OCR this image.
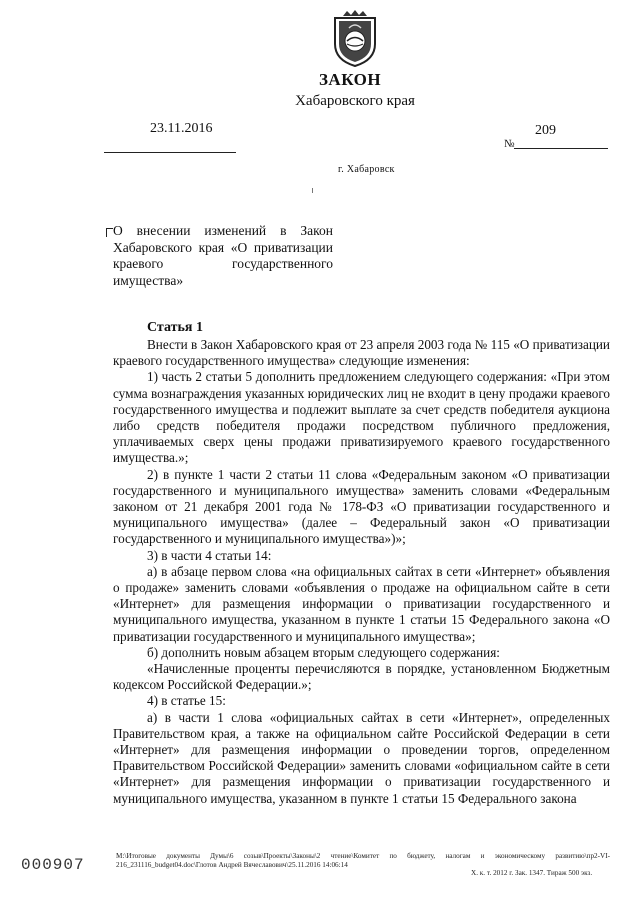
ЗАКОН
Хабаровского края
23.11.2016	209
№
г. Хабаровск
О внесении изменений в Закон Хабаровского края «О приватизации краевого государственного имущества»
Статья 1

Внести в Закон Хабаровского края от 23 апреля 2003 года № 115 «О приватизации краевого государственного имущества» следующие изменения:

1) часть 2 статьи 5 дополнить предложением следующего содержания: «При этом сумма вознаграждения указанных юридических лиц не входит в цену продажи краевого государственного имущества и подлежит выплате за счет средств победителя аукциона либо средств победителя продажи посредством публичного предложения, уплачиваемых сверх цены продажи приватизируемого краевого государственного имущества.»;

2) в пункте 1 части 2 статьи 11 слова «Федеральным законом «О приватизации государственного и муниципального имущества» заменить словами «Федеральным законом от 21 декабря 2001 года № 178-ФЗ «О приватизации государственного и муниципального имущества» (далее – Федеральный закон «О приватизации государственного и муниципального имущества»)»;

3) в части 4 статьи 14:

а) в абзаце первом слова «на официальных сайтах в сети «Интернет» объявления о продаже» заменить словами «объявления о продаже на официальном сайте в сети «Интернет» для размещения информации о приватизации государственного и муниципального имущества, указанном в пункте 1 статьи 15 Федерального закона «О приватизации государственного и муниципального имущества»;

б) дополнить новым абзацем вторым следующего содержания:

«Начисленные проценты перечисляются в порядке, установленном Бюджетным кодексом Российской Федерации.»;

4) в статье 15:

а) в части 1 слова «официальных сайтах в сети «Интернет», определенных Правительством края, а также на официальном сайте Российской Федерации в сети «Интернет» для размещения информации о проведении торгов, определенном Правительством Российской Федерации» заменить словами «официальном сайте в сети «Интернет» для размещения информации о приватизации государственного и муниципального имущества, указанном в пункте 1 статьи 15 Федерального закона

000907	М:\Итоговые документы Думы\6 созыв\Проекты\Законы\2 чтение\Комитет по бюджету, налогам и экономическому развитию\пр2-VI-216_231116_budget04.doc\Глотов Андрей Вячеславович\25.11.2016 14:06:14
Х. к. т. 2012 г. Зак. 1347. Тираж 500 экз.
